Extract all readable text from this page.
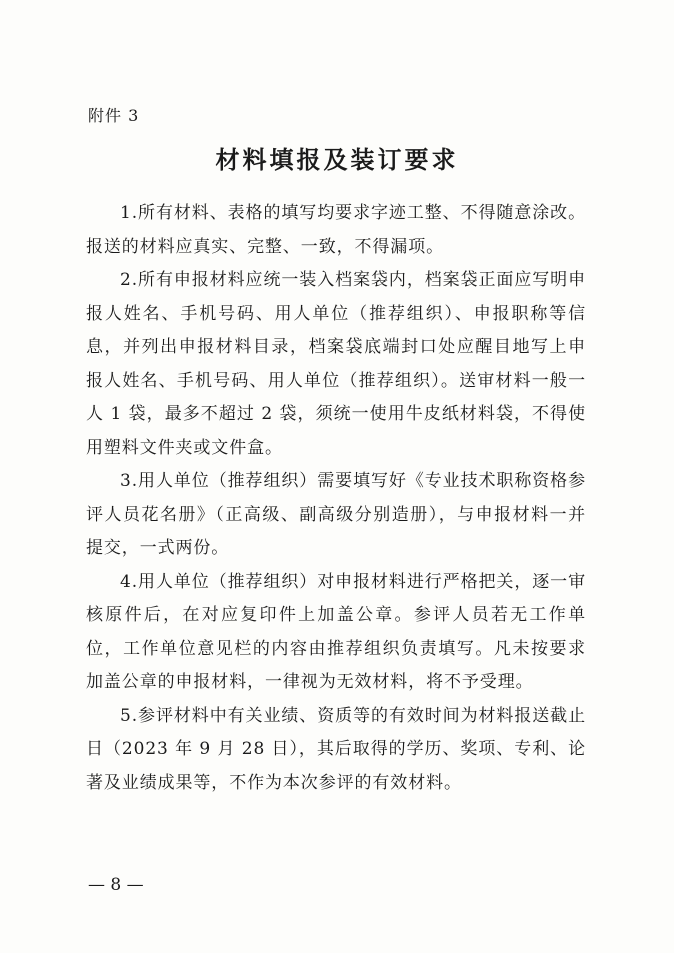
附件 3
材料填报及装订要求

1.所有材料、表格的填写均要求字迹工整、不得随意涂改。报送的材料应真实、完整、一致，不得漏项。

2.所有申报材料应统一装入档案袋内，档案袋正面应写明申报人姓名、手机号码、用人单位（推荐组织）、申报职称等信息，并列出申报材料目录，档案袋底端封口处应醒目地写上申报人姓名、手机号码、用人单位（推荐组织）。送审材料一般一人 1 袋，最多不超过 2 袋，须统一使用牛皮纸材料袋，不得使用塑料文件夹或文件盒。

3.用人单位（推荐组织）需要填写好《专业技术职称资格参评人员花名册》（正高级、副高级分别造册），与申报材料一并提交，一式两份。

4.用人单位（推荐组织）对申报材料进行严格把关，逐一审核原件后，在对应复印件上加盖公章。参评人员若无工作单位，工作单位意见栏的内容由推荐组织负责填写。凡未按要求加盖公章的申报材料，一律视为无效材料，将不予受理。

5.参评材料中有关业绩、资质等的有效时间为材料报送截止日（2023 年 9 月 28 日），其后取得的学历、奖项、专利、论著及业绩成果等，不作为本次参评的有效材料。

— 8 —
